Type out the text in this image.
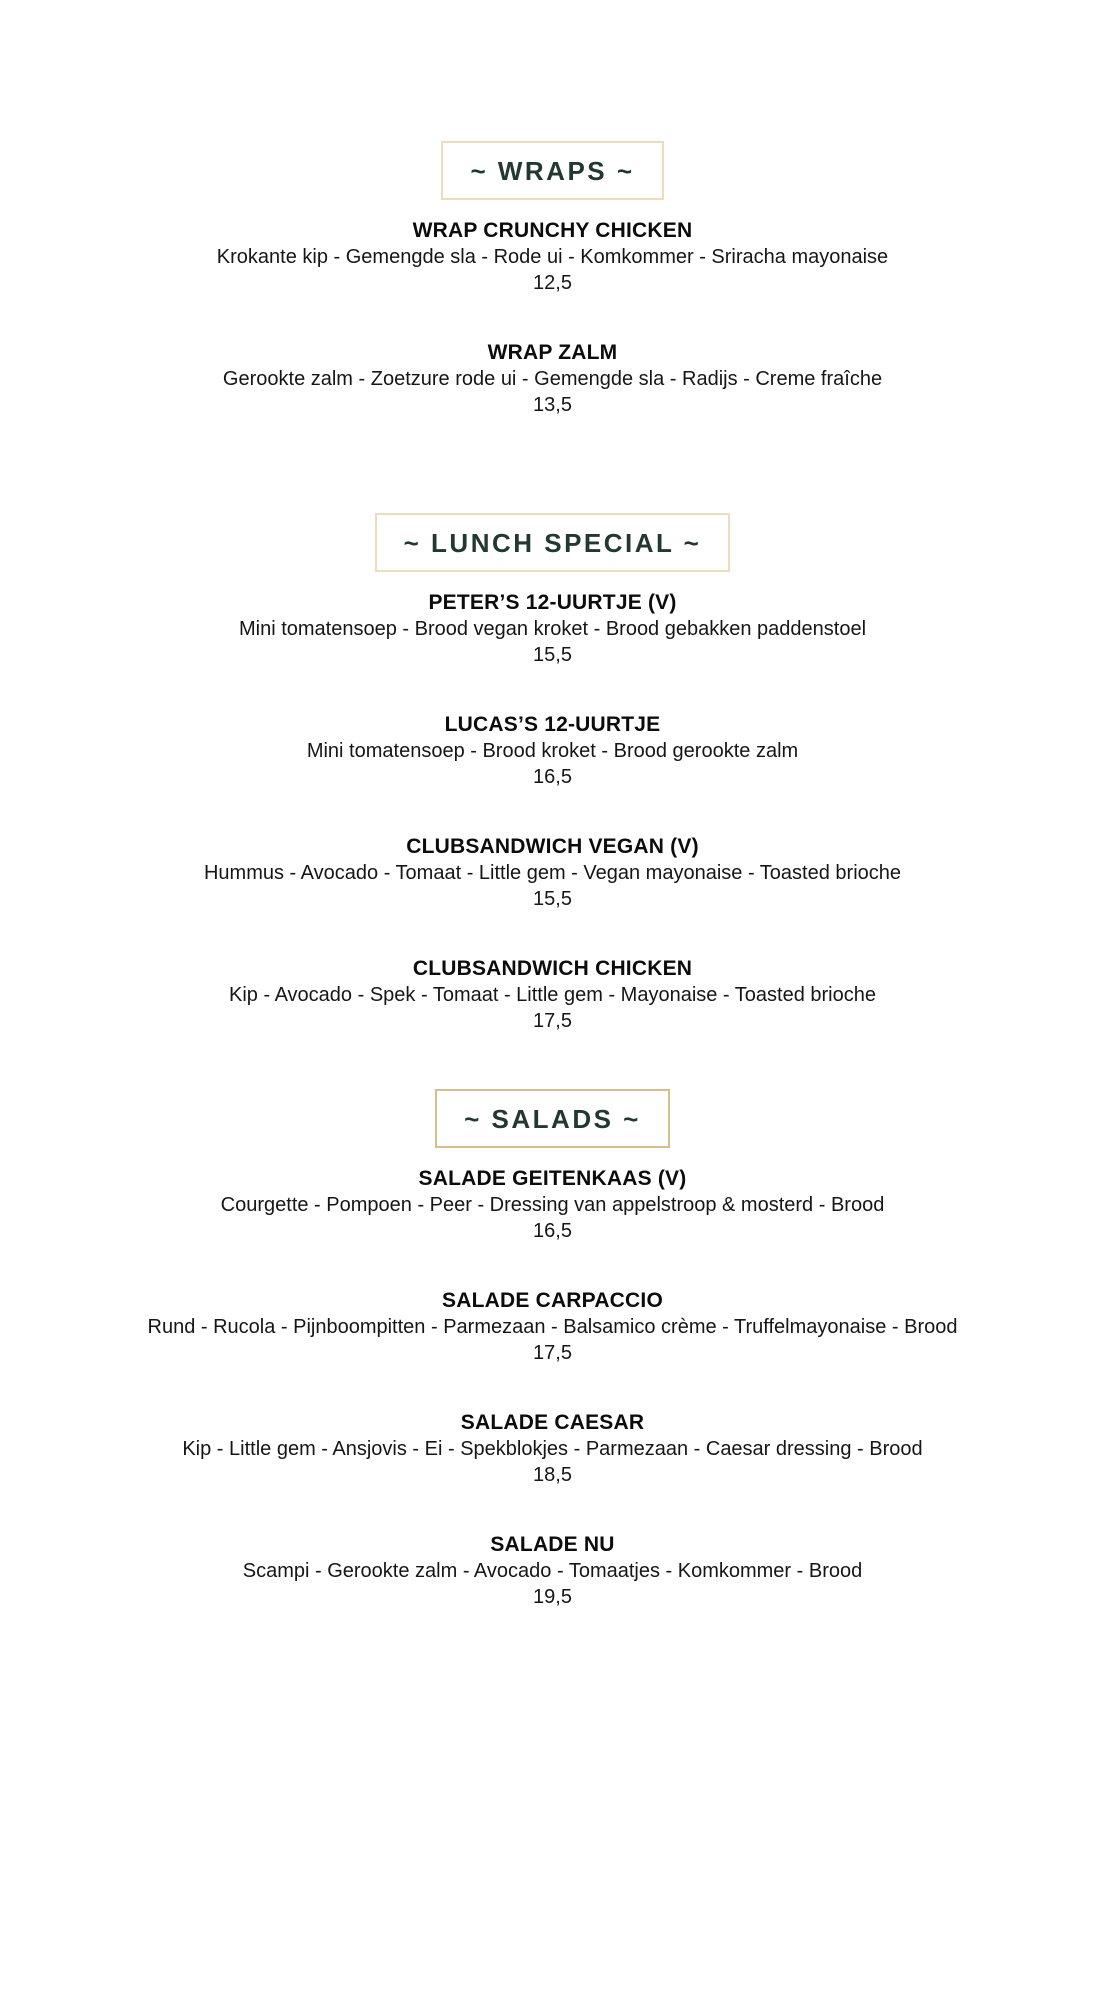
~ WRAPS ~
WRAP CRUNCHY CHICKEN
Krokante kip - Gemengde sla - Rode ui - Komkommer - Sriracha mayonaise
12,5
WRAP ZALM
Gerookte zalm - Zoetzure rode ui - Gemengde sla - Radijs - Creme fraîche
13,5
~ LUNCH SPECIAL ~
PETER’S 12-UURTJE (V)
Mini tomatensoep - Brood vegan kroket - Brood gebakken paddenstoel
15,5
LUCAS’S 12-UURTJE
Mini tomatensoep - Brood kroket - Brood gerookte zalm
16,5
CLUBSANDWICH VEGAN (V)
Hummus - Avocado - Tomaat - Little gem - Vegan mayonaise - Toasted brioche
15,5
CLUBSANDWICH CHICKEN
Kip - Avocado - Spek - Tomaat - Little gem - Mayonaise - Toasted brioche
17,5
~ SALADS ~
SALADE GEITENKAAS (V)
Courgette - Pompoen - Peer - Dressing van appelstroop & mosterd - Brood
16,5
SALADE CARPACCIO
Rund - Rucola - Pijnboompitten - Parmezaan - Balsamico crème - Truffelmayonaise - Brood
17,5
SALADE CAESAR
Kip - Little gem - Ansjovis - Ei - Spekblokjes - Parmezaan - Caesar dressing - Brood
18,5
SALADE NU
Scampi - Gerookte zalm - Avocado - Tomaatjes - Komkommer - Brood
19,5
